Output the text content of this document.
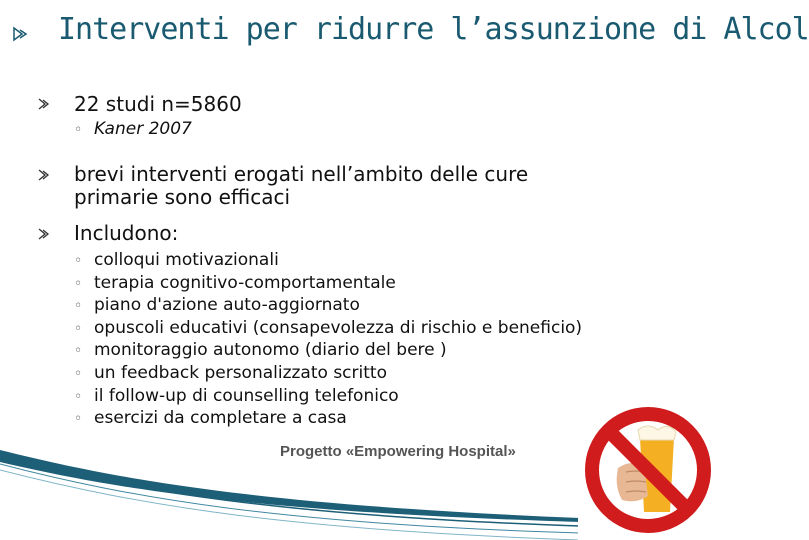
Interventi per ridurre l’assunzione di Alcol
22 studi n=5860
◦ Kaner 2007
brevi interventi erogati nell’ambito delle cure
primarie sono efficaci
Includono:
◦ colloqui motivazionali
◦ terapia cognitivo-comportamentale
◦ piano d'azione auto-aggiornato
◦ opuscoli educativi (consapevolezza di rischio e beneficio)
◦ monitoraggio autonomo (diario del bere )
◦ un feedback personalizzato scritto
◦ il follow-up di counselling telefonico
◦ esercizi da completare a casa
Progetto «Empowering Hospital»
